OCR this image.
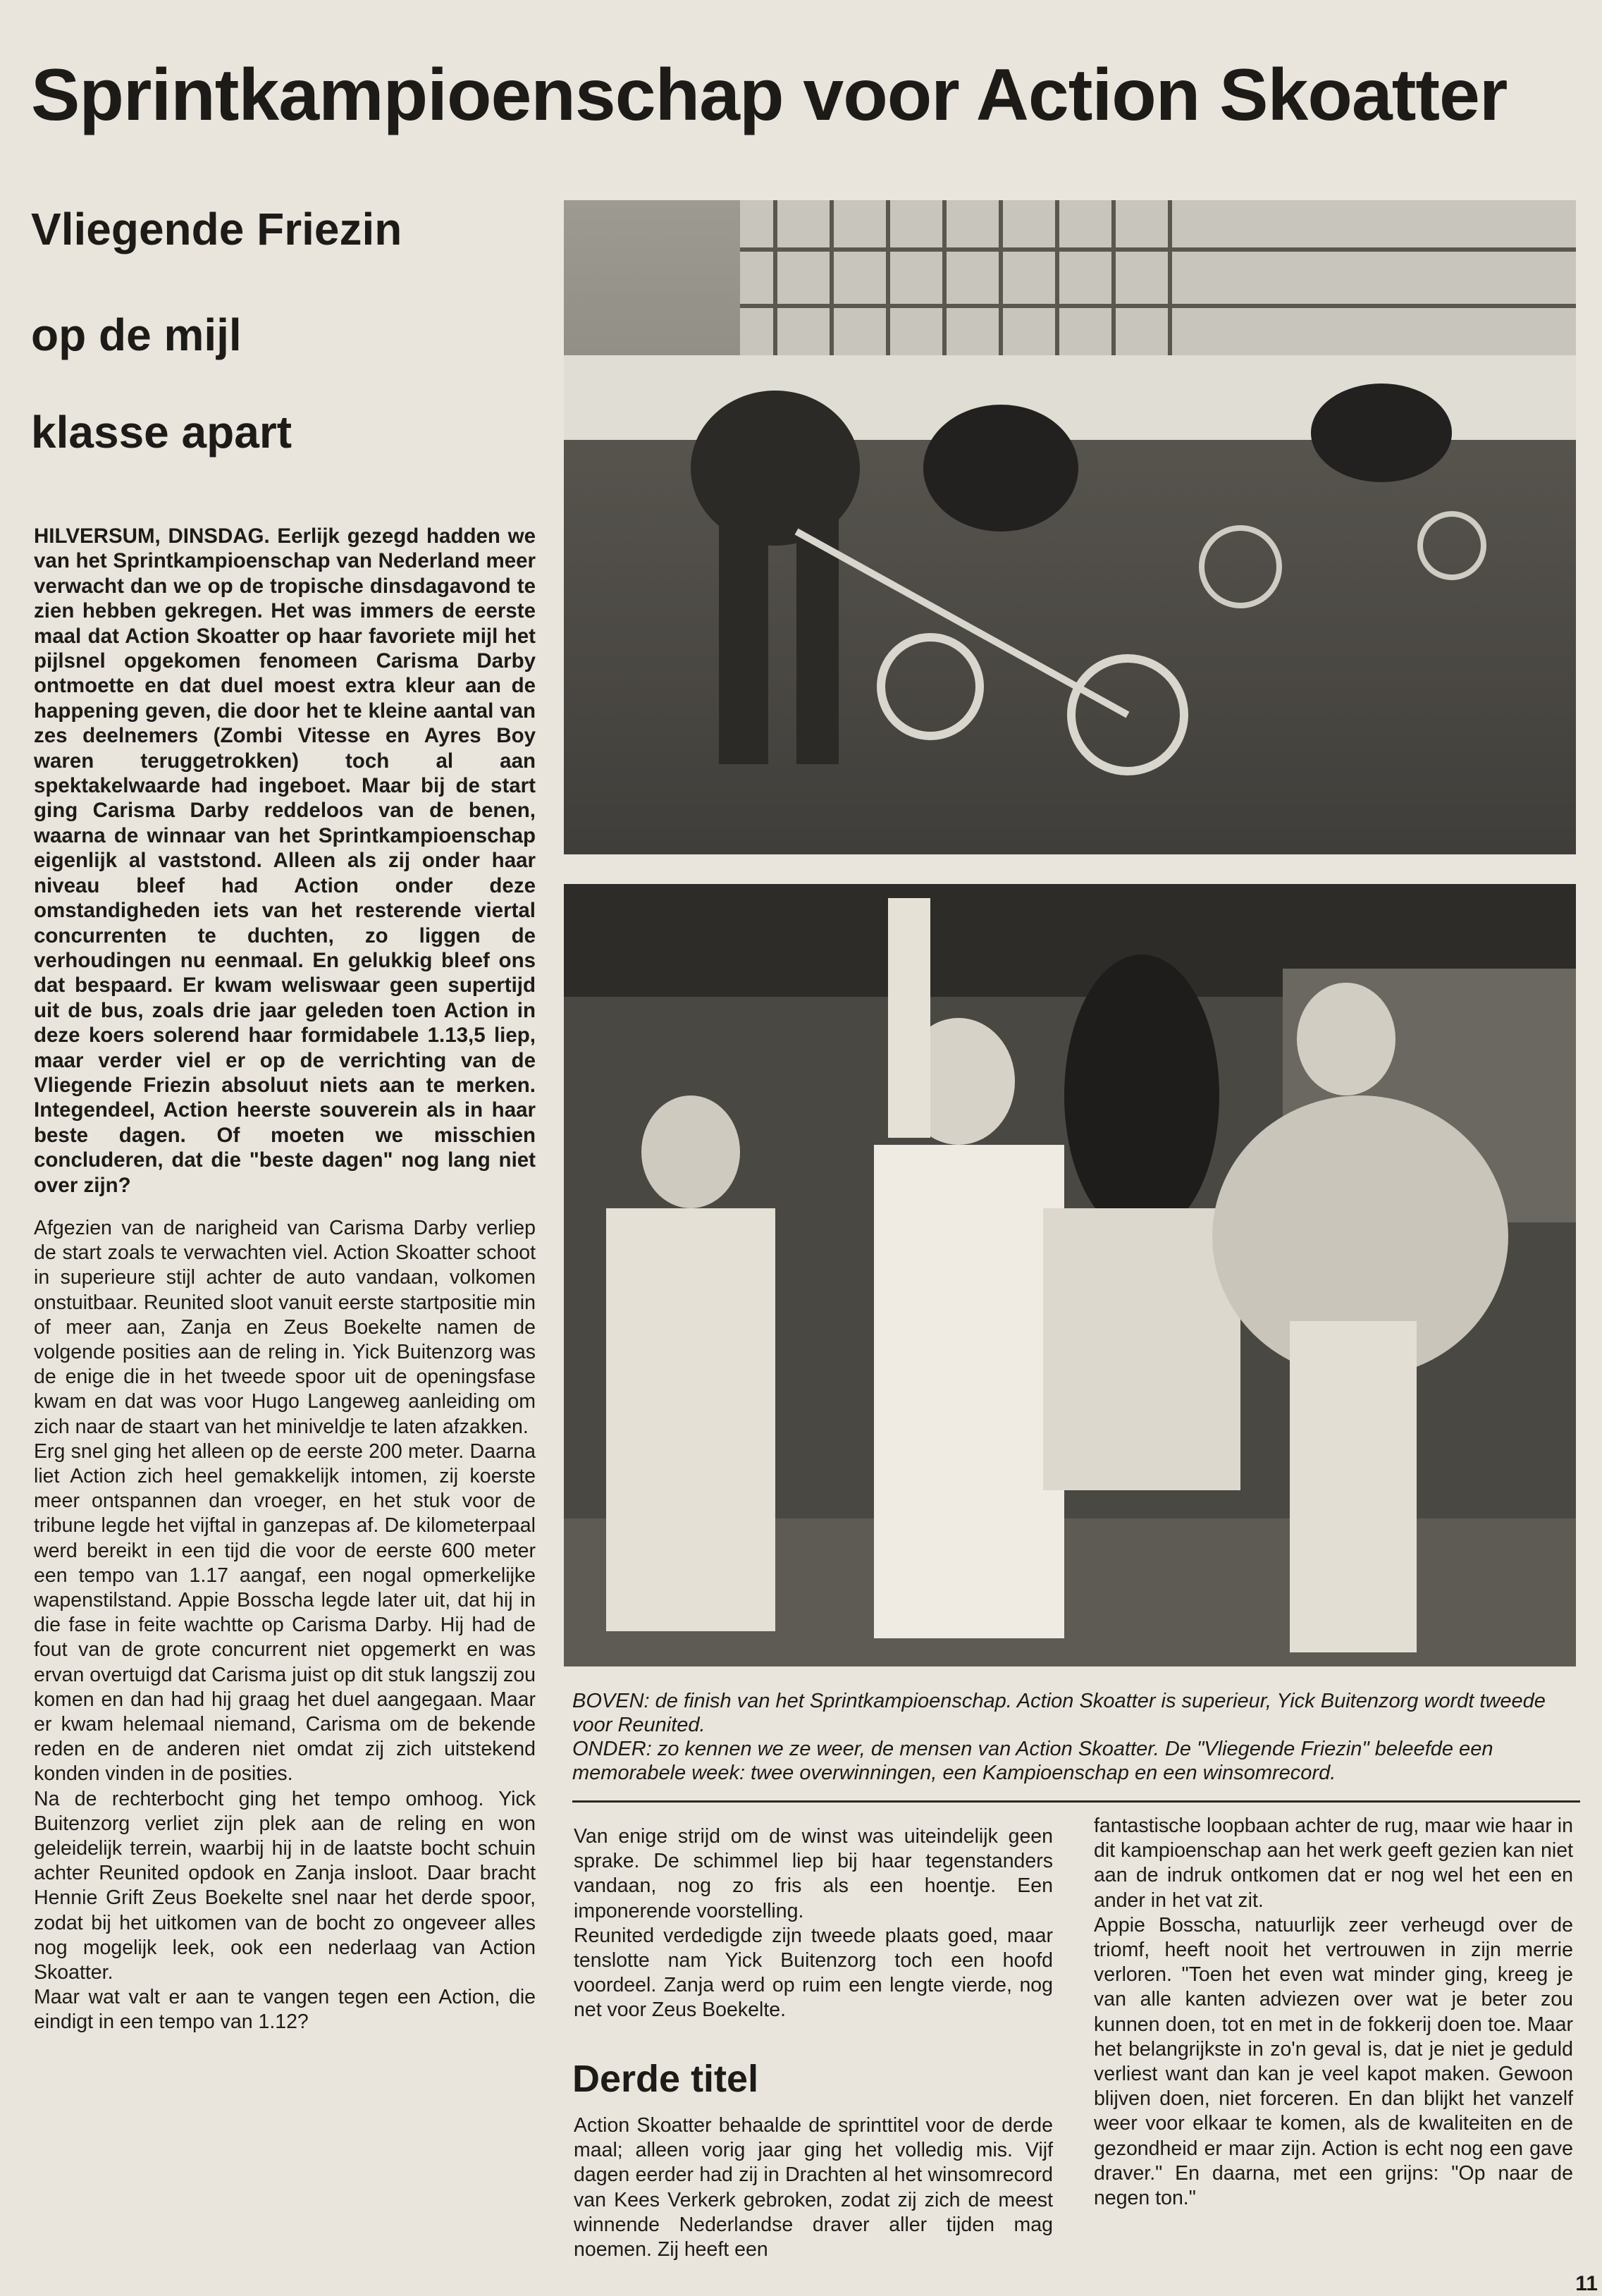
Sprintkampioenschap voor Action Skoatter
Vliegende Friezin
op de mijl
klasse apart

HILVERSUM, DINSDAG. Eerlijk gezegd hadden we van het Sprintkampioenschap van Nederland meer verwacht dan we op de tropische dinsdagavond te zien hebben gekregen. Het was immers de eerste maal dat Action Skoatter op haar favoriete mijl het pijlsnel opgekomen fenomeen Carisma Darby ontmoette en dat duel moest extra kleur aan de happening geven, die door het te kleine aantal van zes deelnemers (Zombi Vitesse en Ayres Boy waren teruggetrokken) toch al aan spektakelwaarde had ingeboet. Maar bij de start ging Carisma Darby reddeloos van de benen, waarna de winnaar van het Sprintkampioenschap eigenlijk al vaststond. Alleen als zij onder haar niveau bleef had Action onder deze omstandigheden iets van het resterende viertal concurrenten te duchten, zo liggen de verhoudingen nu eenmaal. En gelukkig bleef ons dat bespaard. Er kwam weliswaar geen supertijd uit de bus, zoals drie jaar geleden toen Action in deze koers solerend haar formidabele 1.13,5 liep, maar verder viel er op de verrichting van de Vliegende Friezin absoluut niets aan te merken. Integendeel, Action heerste souverein als in haar beste dagen. Of moeten we misschien concluderen, dat die "beste dagen" nog lang niet over zijn?

Afgezien van de narigheid van Carisma Darby verliep de start zoals te verwachten viel. Action Skoatter schoot in superieure stijl achter de auto vandaan, volkomen onstuitbaar. Reunited sloot vanuit eerste startpositie min of meer aan, Zanja en Zeus Boekelte namen de volgende posities aan de reling in. Yick Buitenzorg was de enige die in het tweede spoor uit de openingsfase kwam en dat was voor Hugo Langeweg aanleiding om zich naar de staart van het miniveldje te laten afzakken.

Erg snel ging het alleen op de eerste 200 meter. Daarna liet Action zich heel gemakkelijk intomen, zij koerste meer ontspannen dan vroeger, en het stuk voor de tribune legde het vijftal in ganzepas af. De kilometerpaal werd bereikt in een tijd die voor de eerste 600 meter een tempo van 1.17 aangaf, een nogal opmerkelijke wapenstilstand. Appie Bosscha legde later uit, dat hij in die fase in feite wachtte op Carisma Darby. Hij had de fout van de grote concurrent niet opgemerkt en was ervan overtuigd dat Carisma juist op dit stuk langszij zou komen en dan had hij graag het duel aangegaan. Maar er kwam helemaal niemand, Carisma om de bekende reden en de anderen niet omdat zij zich uitstekend konden vinden in de posities.

Na de rechterbocht ging het tempo omhoog. Yick Buitenzorg verliet zijn plek aan de reling en won geleidelijk terrein, waarbij hij in de laatste bocht schuin achter Reunited opdook en Zanja insloot. Daar bracht Hennie Grift Zeus Boekelte snel naar het derde spoor, zodat bij het uitkomen van de bocht zo ongeveer alles nog mogelijk leek, ook een nederlaag van Action Skoatter.

Maar wat valt er aan te vangen tegen een Action, die eindigt in een tempo van 1.12?

BOVEN: de finish van het Sprintkampioenschap. Action Skoatter is superieur, Yick Buitenzorg wordt tweede voor Reunited.
ONDER: zo kennen we ze weer, de mensen van Action Skoatter. De "Vliegende Friezin" beleefde een memorabele week: twee overwinningen, een Kampioenschap en een winsomrecord.

Van enige strijd om de winst was uiteindelijk geen sprake. De schimmel liep bij haar tegenstanders vandaan, nog zo fris als een hoentje. Een imponerende voorstelling.

Reunited verdedigde zijn tweede plaats goed, maar tenslotte nam Yick Buitenzorg toch een hoofd voordeel. Zanja werd op ruim een lengte vierde, nog net voor Zeus Boekelte.

Derde titel

Action Skoatter behaalde de sprinttitel voor de derde maal; alleen vorig jaar ging het volledig mis. Vijf dagen eerder had zij in Drachten al het winsomrecord van Kees Verkerk gebroken, zodat zij zich de meest winnende Nederlandse draver aller tijden mag noemen. Zij heeft een

fantastische loopbaan achter de rug, maar wie haar in dit kampioenschap aan het werk geeft gezien kan niet aan de indruk ontkomen dat er nog wel het een en ander in het vat zit.

Appie Bosscha, natuurlijk zeer verheugd over de triomf, heeft nooit het vertrouwen in zijn merrie verloren. "Toen het even wat minder ging, kreeg je van alle kanten adviezen over wat je beter zou kunnen doen, tot en met in de fokkerij doen toe. Maar het belangrijkste in zo'n geval is, dat je niet je geduld verliest want dan kan je veel kapot maken. Gewoon blijven doen, niet forceren. En dan blijkt het vanzelf weer voor elkaar te komen, als de kwaliteiten en de gezondheid er maar zijn. Action is echt nog een gave draver." En daarna, met een grijns: "Op naar de negen ton."

11
